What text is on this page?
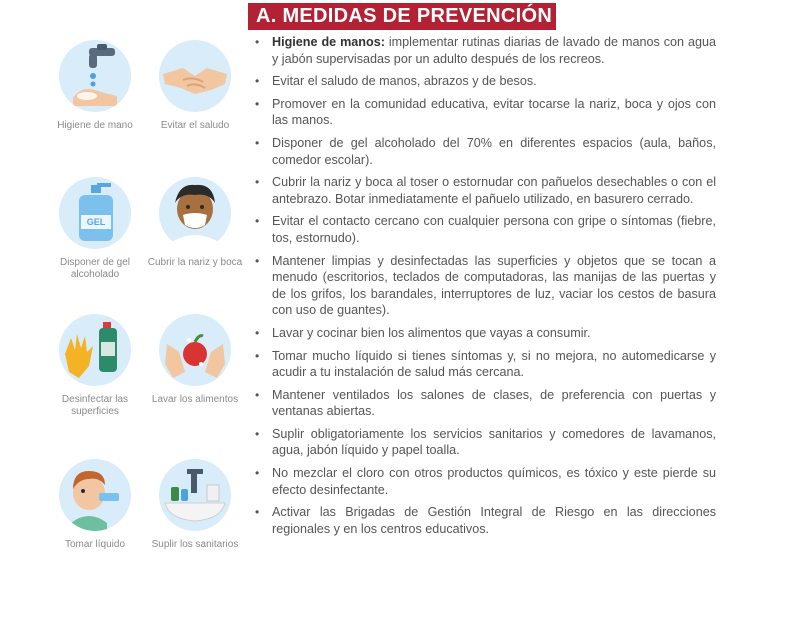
A. MEDIDAS DE PREVENCIÓN
Higiene de mano	Evitar el saludo
GEL
Disponer de gel alcoholado
Cubrir la nariz y boca
Desinfectar las superficies
Lavar los alimentos
Tomar líquido	Suplir los sanitarios
• Higiene de manos: implementar rutinas diarias de lavado de manos con agua y jabón supervisadas por un adulto después de los recreos.
• Evitar el saludo de manos, abrazos y de besos.
• Promover en la comunidad educativa, evitar tocarse la nariz, boca y ojos con las manos.
• Disponer de gel alcoholado del 70% en diferentes espacios (aula, baños, comedor escolar).
• Cubrir la nariz y boca al toser o estornudar con pañuelos desechables o con el antebrazo. Botar inmediatamente el pañuelo utilizado, en basurero cerrado.
• Evitar el contacto cercano con cualquier persona con gripe o síntomas (fiebre, tos, estornudo).
• Mantener limpias y desinfectadas las superficies y objetos que se tocan a menudo (escritorios, teclados de computadoras, las manijas de las puertas y de los grifos, los barandales, interruptores de luz, vaciar los cestos de basura con uso de guantes).
• Lavar y cocinar bien los alimentos que vayas a consumir.
• Tomar mucho líquido si tienes síntomas y, si no mejora, no automedicarse y acudir a tu instalación de salud más cercana.
• Mantener ventilados los salones de clases, de preferencia con puertas y ventanas abiertas.
• Suplir obligatoriamente los servicios sanitarios y comedores de lavamanos, agua, jabón líquido y papel toalla.
• No mezclar el cloro con otros productos químicos, es tóxico y este pierde su efecto desinfectante.
• Activar las Brigadas de Gestión Integral de Riesgo en las direcciones regionales y en los centros educativos.
